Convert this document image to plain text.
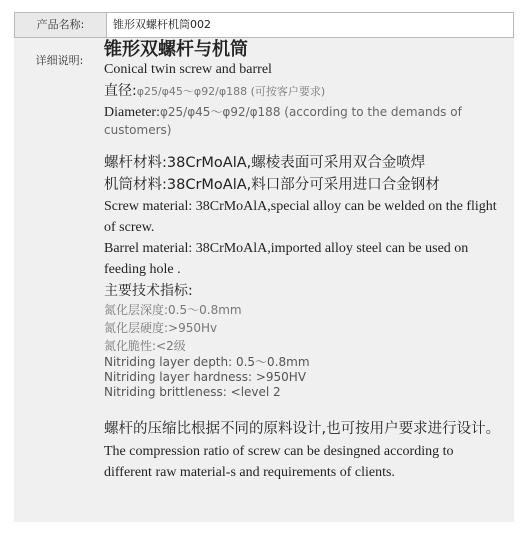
产品名称:	锥形双螺杆机筒002
详细说明:
锥形双螺杆与机筒
Conical twin screw and barrel
直径:φ25/φ45〜φ92/φ188 (可按客户要求)
Diameter:φ25/φ45〜φ92/φ188 (according to the demands of customers)
螺杆材料:38CrMoAlA,螺棱表面可采用双合金喷焊
机筒材料:38CrMoAlA,料口部分可采用进口合金钢材
Screw material: 38CrMoAlA,special alloy can be welded on the flight of screw.
Barrel material: 38CrMoAlA,imported alloy steel can be used on feeding hole .
主要技术指标:
氮化层深度:0.5〜0.8mm
氮化层硬度:>950Hv
氮化脆性:<2级
Nitriding layer depth: 0.5〜0.8mm
Nitriding layer hardness: >950HV
Nitriding brittleness: <level 2
螺杆的压缩比根据不同的原料设计,也可按用户要求进行设计。
The compression ratio of screw can be desingned according to different raw material-s and requirements of clients.
